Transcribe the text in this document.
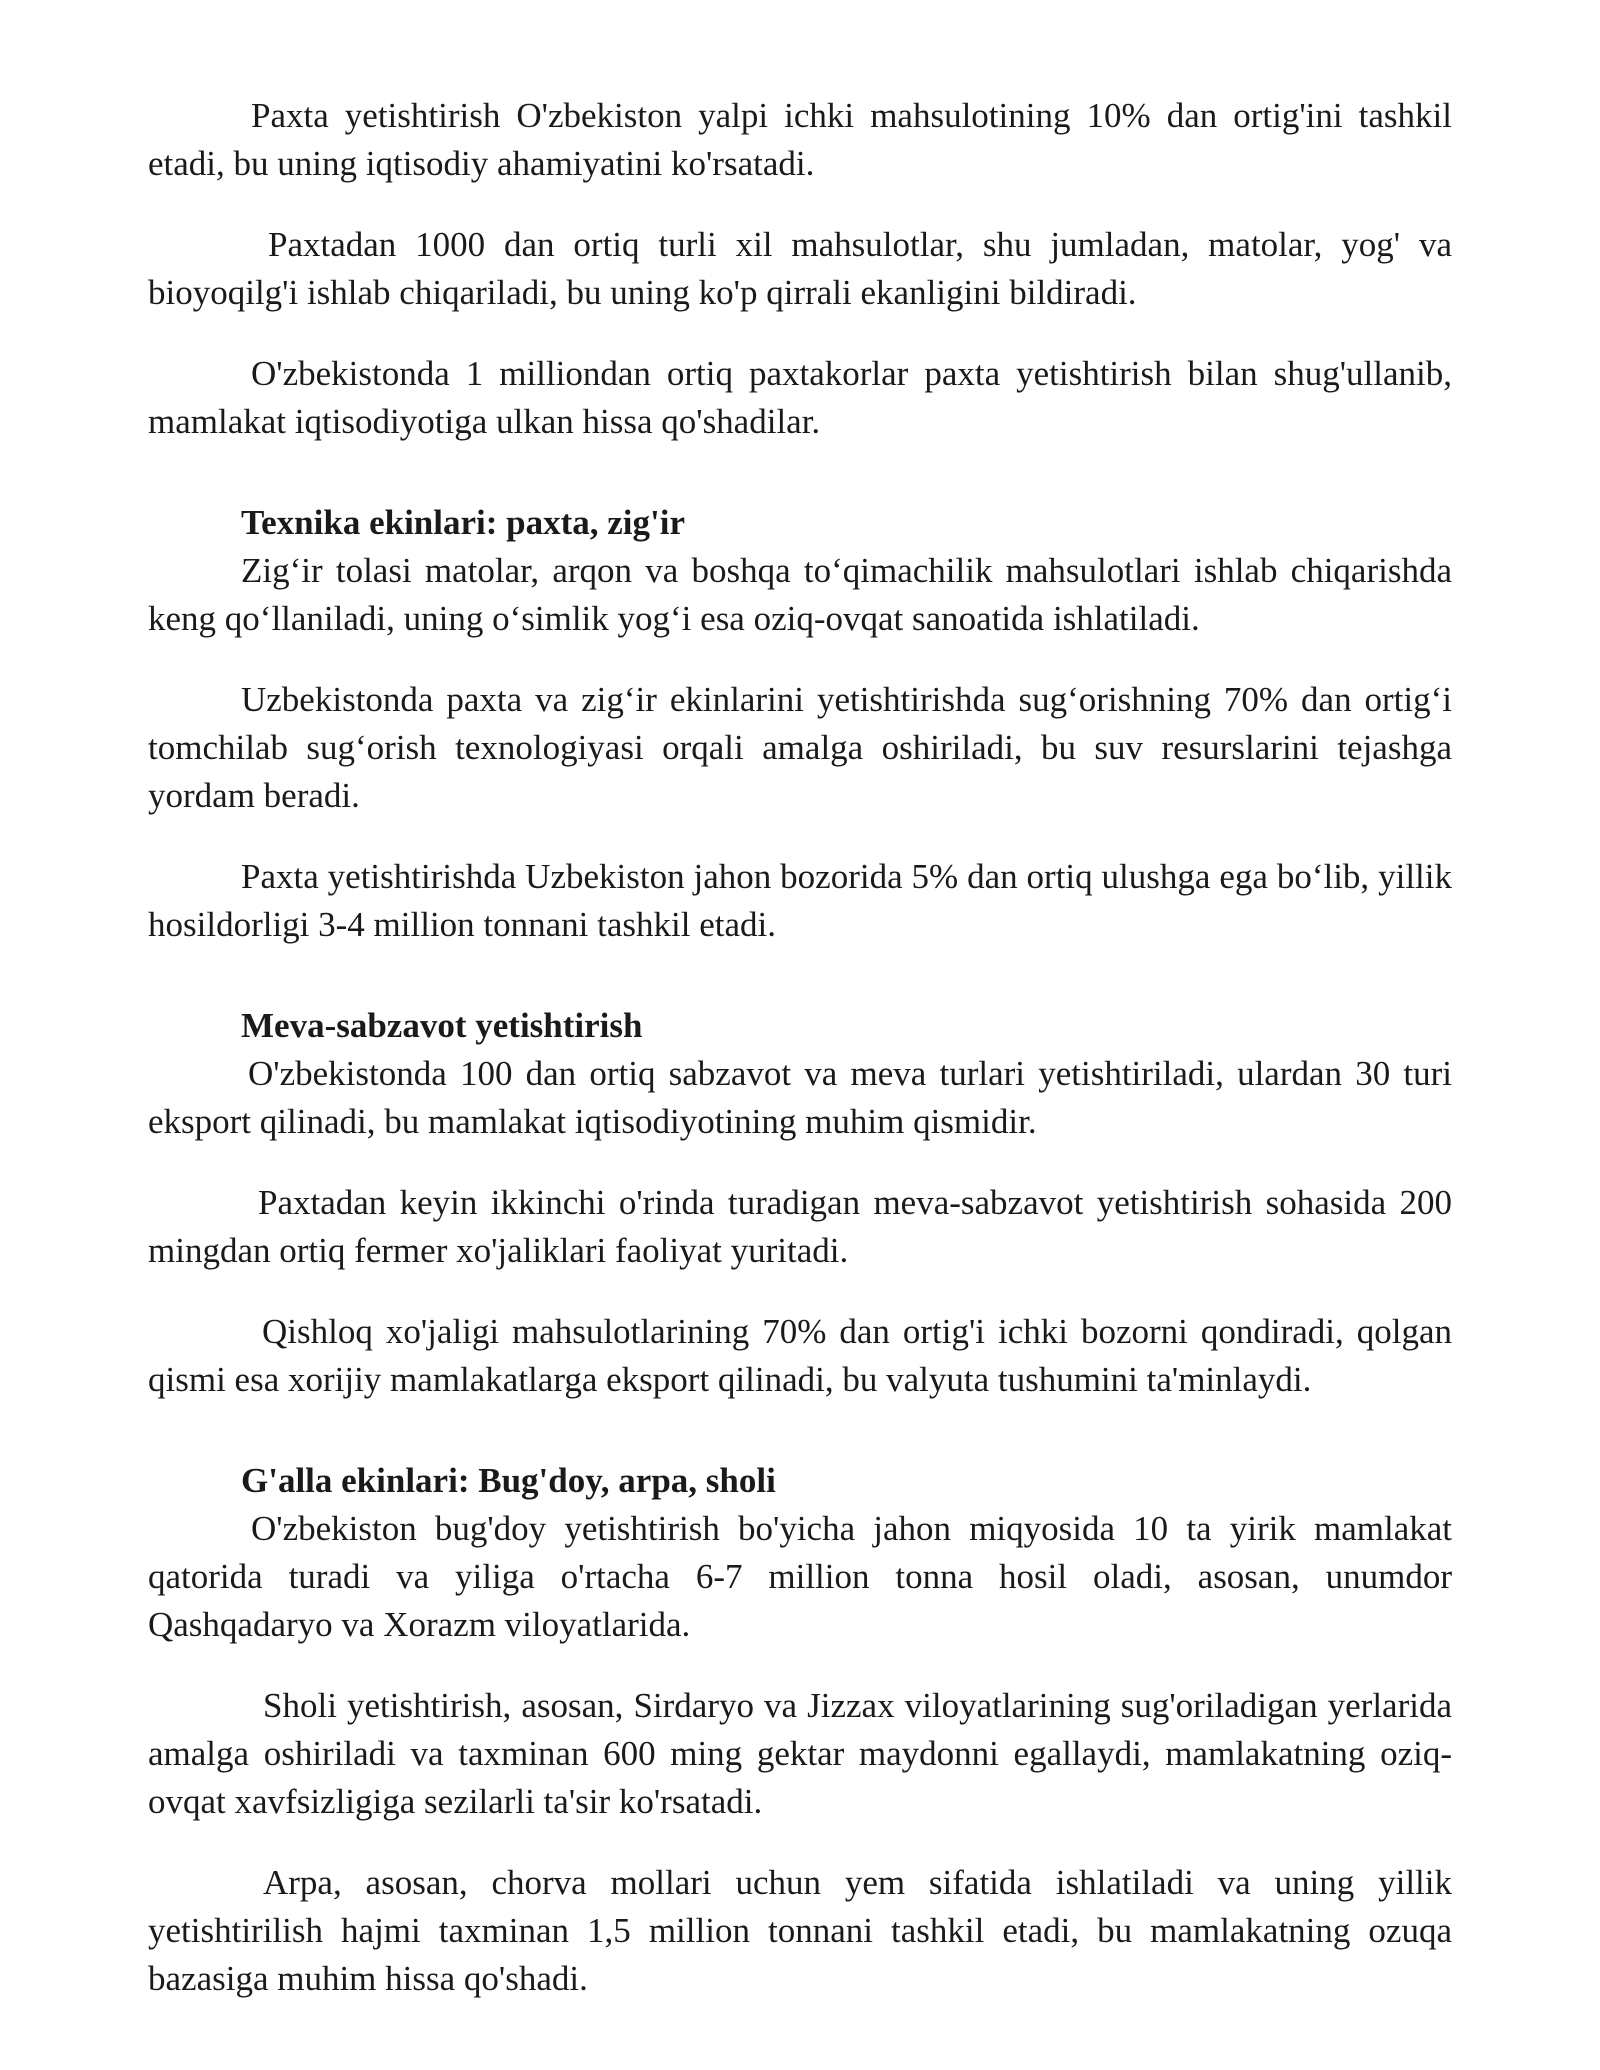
Paxta yetishtirish O'zbekiston yalpi ichki mahsulotining 10% dan ortig'ini tashkil etadi, bu uning iqtisodiy ahamiyatini ko'rsatadi.

Paxtadan 1000 dan ortiq turli xil mahsulotlar, shu jumladan, matolar, yog' va bioyoqilg'i ishlab chiqariladi, bu uning ko'p qirrali ekanligini bildiradi.

O'zbekistonda 1 milliondan ortiq paxtakorlar paxta yetishtirish bilan shug'ullanib, mamlakat iqtisodiyotiga ulkan hissa qo'shadilar.

Texnika ekinlari: paxta, zig'ir

Zig‘ir tolasi matolar, arqon va boshqa to‘qimachilik mahsulotlari ishlab chiqarishda keng qo‘llaniladi, uning o‘simlik yog‘i esa oziq-ovqat sanoatida ishlatiladi.

Uzbekistonda paxta va zig‘ir ekinlarini yetishtirishda sug‘orishning 70% dan ortig‘i tomchilab sug‘orish texnologiyasi orqali amalga oshiriladi, bu suv resurslarini tejashga yordam beradi.

Paxta yetishtirishda Uzbekiston jahon bozorida 5% dan ortiq ulushga ega bo‘lib, yillik hosildorligi 3-4 million tonnani tashkil etadi.

Meva-sabzavot yetishtirish

O'zbekistonda 100 dan ortiq sabzavot va meva turlari yetishtiriladi, ulardan 30 turi eksport qilinadi, bu mamlakat iqtisodiyotining muhim qismidir.

Paxtadan keyin ikkinchi o'rinda turadigan meva-sabzavot yetishtirish sohasida 200 mingdan ortiq fermer xo'jaliklari faoliyat yuritadi.

Qishloq xo'jaligi mahsulotlarining 70% dan ortig'i ichki bozorni qondiradi, qolgan qismi esa xorijiy mamlakatlarga eksport qilinadi, bu valyuta tushumini ta'minlaydi.

G'alla ekinlari: Bug'doy, arpa, sholi

O'zbekiston bug'doy yetishtirish bo'yicha jahon miqyosida 10 ta yirik mamlakat qatorida turadi va yiliga o'rtacha 6-7 million tonna hosil oladi, asosan, unumdor Qashqadaryo va Xorazm viloyatlarida.

Sholi yetishtirish, asosan, Sirdaryo va Jizzax viloyatlarining sug'oriladigan yerlarida amalga oshiriladi va taxminan 600 ming gektar maydonni egallaydi, mamlakatning oziq-ovqat xavfsizligiga sezilarli ta'sir ko'rsatadi.

Arpa, asosan, chorva mollari uchun yem sifatida ishlatiladi va uning yillik yetishtirilish hajmi taxminan 1,5 million tonnani tashkil etadi, bu mamlakatning ozuqa bazasiga muhim hissa qo'shadi.
